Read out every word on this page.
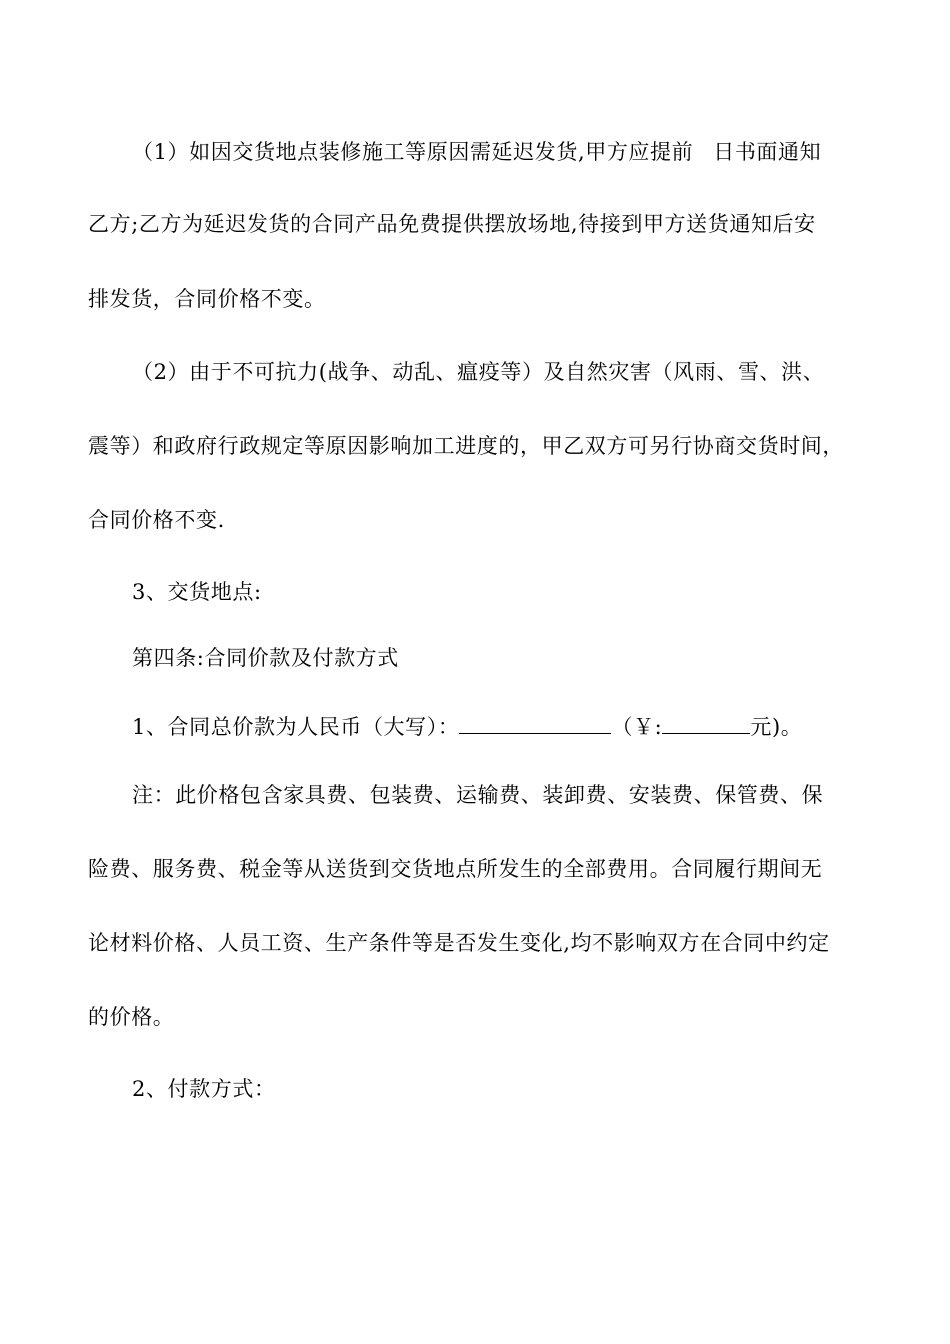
（1）如因交货地点装修施工等原因需延迟发货,甲方应提前 日书面通知
乙方;乙方为延迟发货的合同产品免费提供摆放场地,待接到甲方送货通知后安
排发货，合同价格不变。
（2）由于不可抗力(战争、动乱、瘟疫等）及自然灾害（风雨、雪、洪、
震等）和政府行政规定等原因影响加工进度的，甲乙双方可另行协商交货时间，
合同价格不变.
3、交货地点:
第四条:合同价款及付款方式
1、合同总价款为人民币（大写）：	（￥:	元)。
注：此价格包含家具费、包装费、运输费、装卸费、安装费、保管费、保
险费、服务费、税金等从送货到交货地点所发生的全部费用。合同履行期间无
论材料价格、人员工资、生产条件等是否发生变化,均不影响双方在合同中约定
的价格。
2、付款方式：
